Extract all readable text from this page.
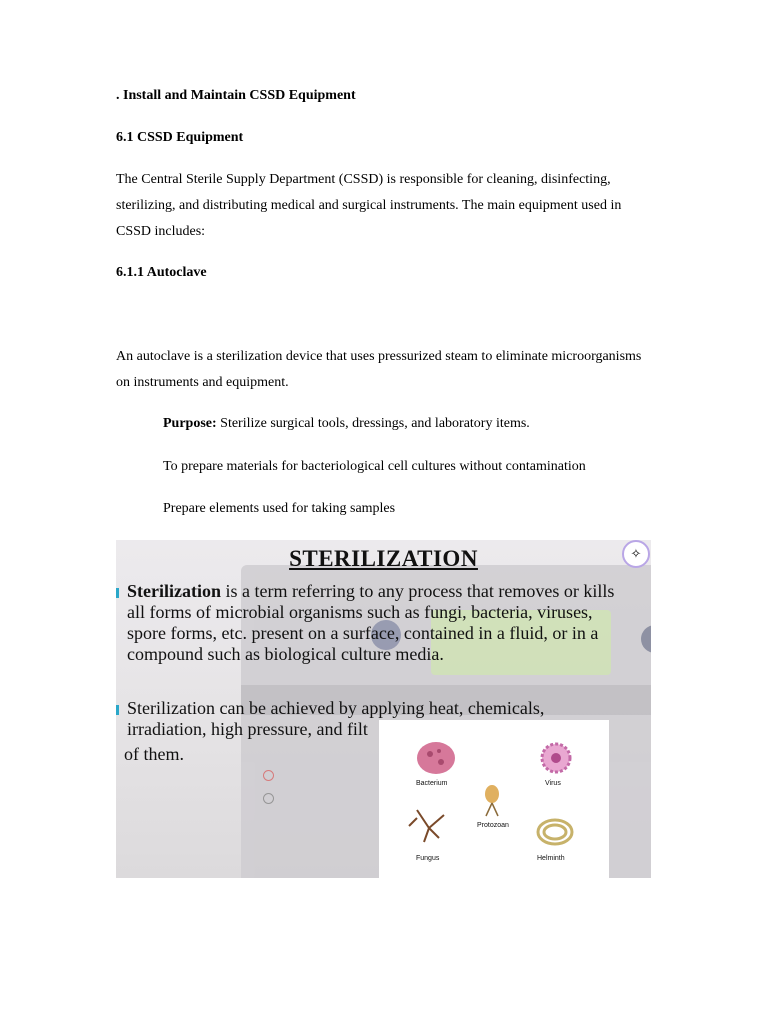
. Install and Maintain CSSD Equipment
6.1 CSSD Equipment
The Central Sterile Supply Department (CSSD) is responsible for cleaning, disinfecting, sterilizing, and distributing medical and surgical instruments. The main equipment used in CSSD includes:
6.1.1 Autoclave
An autoclave is a sterilization device that uses pressurized steam to eliminate microorganisms on instruments and equipment.
Purpose: Sterilize surgical tools, dressings, and laboratory items.
To prepare materials for bacteriological cell cultures without contamination
Prepare elements used for taking samples
STERILIZATION
Sterilization is a term referring to any process that removes or kills
all forms of microbial organisms such as fungi, bacteria, viruses,
spore forms, etc. present on a surface, contained in a fluid, or in a
compound such as biological culture media.
Sterilization can be achieved by applying heat, chemicals,
irradiation, high pressure, and filt
of them.
✧
Bacterium	Virus
Protozoan
Fungus	Helminth
